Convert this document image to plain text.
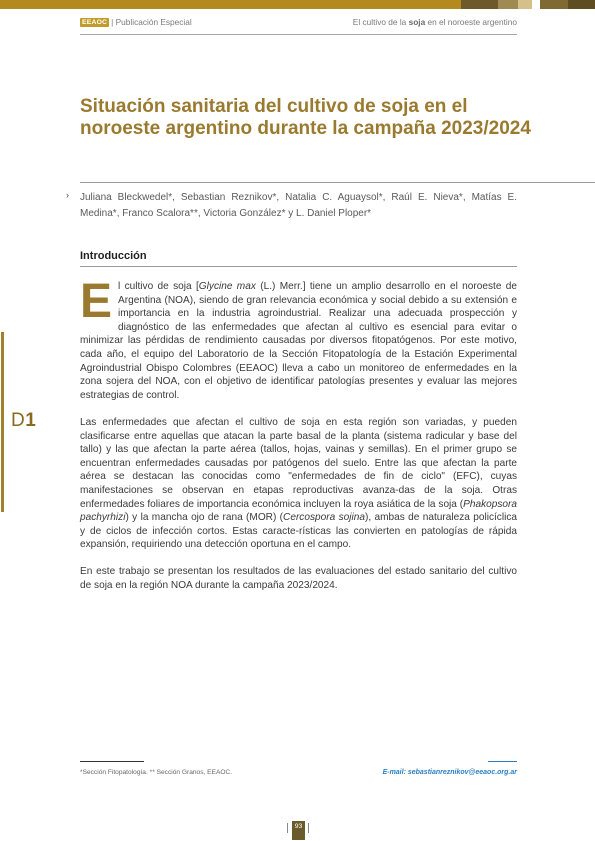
EEAOC | Publicación Especial	El cultivo de la soja en el noroeste argentino
Situación sanitaria del cultivo de soja en el noroeste argentino durante la campaña 2023/2024
› Juliana Bleckwedel*, Sebastian Reznikov*, Natalia C. Aguaysol*, Raúl E. Nieva*, Matías E. Medina*, Franco Scalora**, Victoria González* y L. Daniel Ploper*

Introducción
D1

El cultivo de soja [Glycine max (L.) Merr.] tiene un amplio desarrollo en el noroeste de Argentina (NOA), siendo de gran relevancia económica y social debido a su extensión e importancia en la industria agroindustrial. Realizar una adecuada prospección y diagnóstico de las enfermedades que afectan al cultivo es esencial para evitar o minimizar las pérdidas de rendimiento causadas por diversos fitopatógenos. Por este motivo, cada año, el equipo del Laboratorio de la Sección Fitopatología de la Estación Experimental Agroindustrial Obispo Colombres (EEAOC) lleva a cabo un monitoreo de enfermedades en la zona sojera del NOA, con el objetivo de identificar patologías presentes y evaluar las mejores estrategias de control.

Las enfermedades que afectan el cultivo de soja en esta región son variadas, y pueden clasificarse entre aquellas que atacan la parte basal de la planta (sistema radicular y base del tallo) y las que afectan la parte aérea (tallos, hojas, vainas y semillas). En el primer grupo se encuentran enfermedades causadas por patógenos del suelo. Entre las que afectan la parte aérea se destacan las conocidas como "enfermedades de fin de ciclo" (EFC), cuyas manifestaciones se observan en etapas reproductivas avanza-das de la soja. Otras enfermedades foliares de importancia económica incluyen la roya asiática de la soja (Phakopsora pachyrhizi) y la mancha ojo de rana (MOR) (Cercospora sojina), ambas de naturaleza policíclica y de ciclos de infección cortos. Estas caracte-rísticas las convierten en patologías de rápida expansión, requiriendo una detección oportuna en el campo.

En este trabajo se presentan los resultados de las evaluaciones del estado sanitario del cultivo de soja en la región NOA durante la campaña 2023/2024.

*Sección Fitopatología. ** Sección Granos, EEAOC.	E-mail: sebastianreznikov@eeaoc.org.ar
93
